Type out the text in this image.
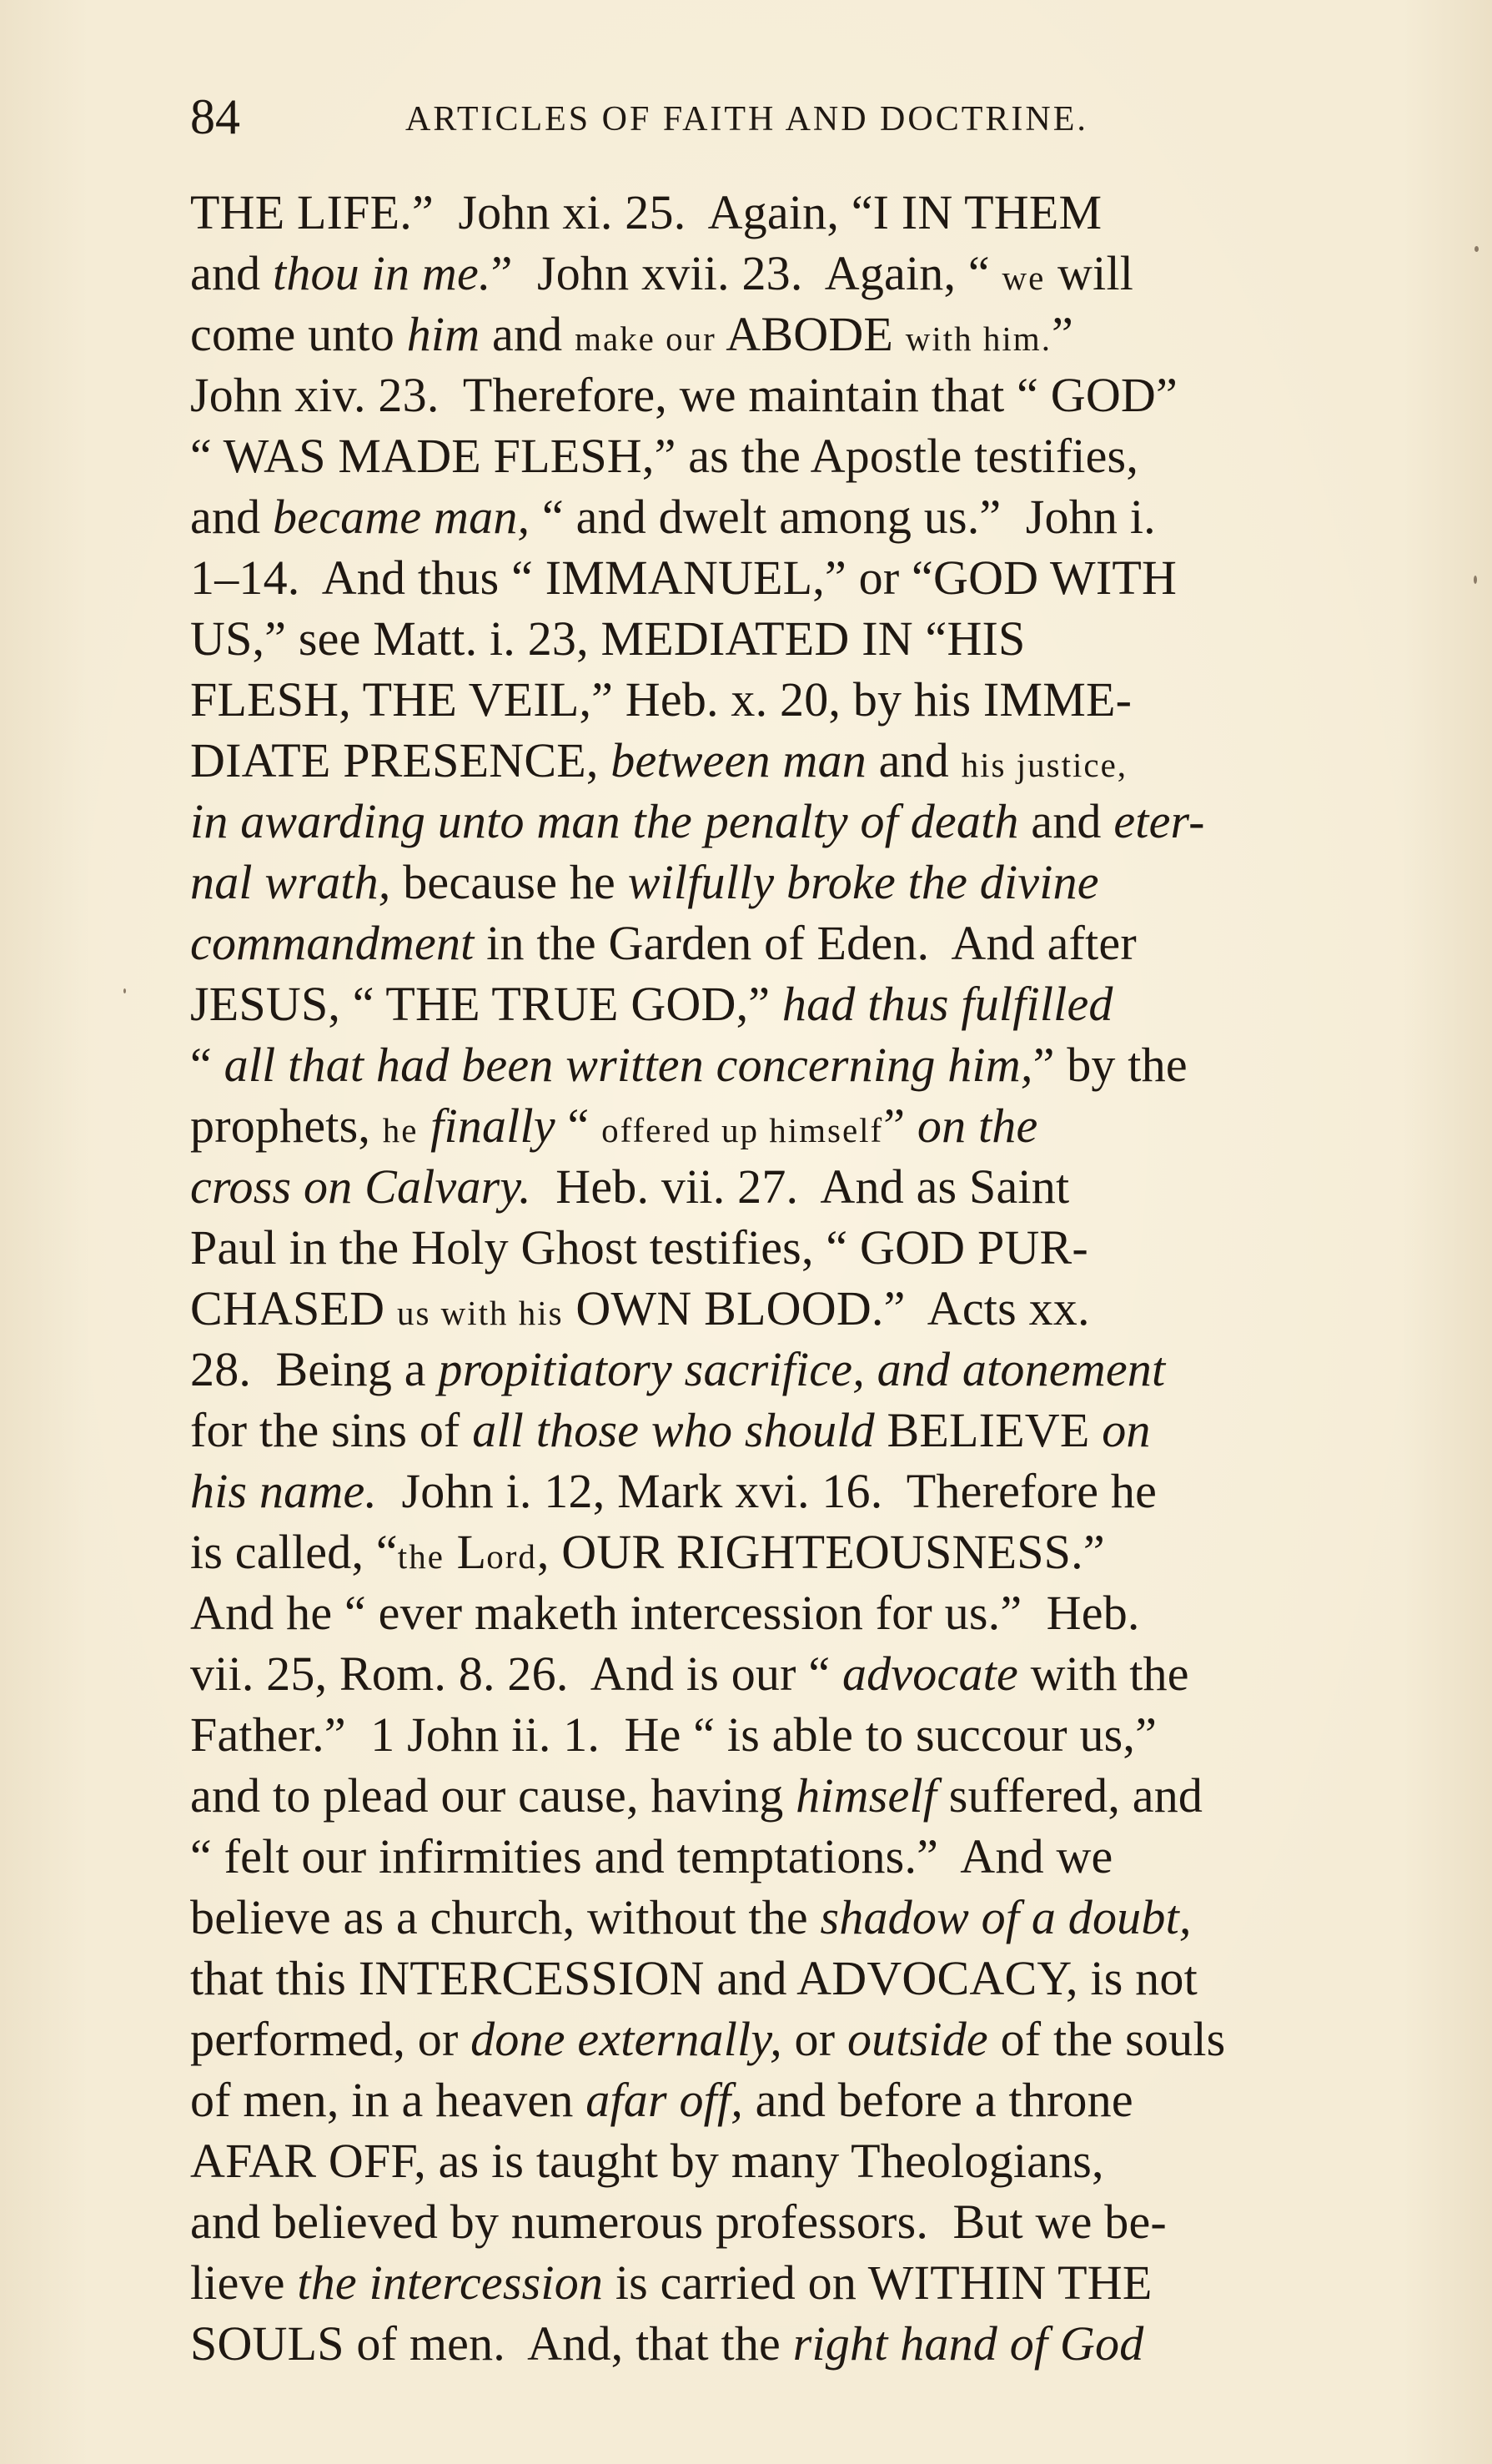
84	ARTICLES OF FAITH AND DOCTRINE.
THE LIFE.”  John xi. 25.  Again, “I IN THEM
and thou in me.”  John xvii. 23.  Again, “ we will
come unto him and make our ABODE with him.”
John xiv. 23.  Therefore, we maintain that “ GOD”
“ WAS MADE FLESH,” as the Apostle testifies,
and became man, “ and dwelt among us.”  John i.
1–14.  And thus “ IMMANUEL,” or “GOD WITH
US,” see Matt. i. 23, MEDIATED IN “HIS
FLESH, THE VEIL,” Heb. x. 20, by his IMME-
DIATE PRESENCE, between man and his justice,
in awarding unto man the penalty of death and eter-
nal wrath, because he wilfully broke the divine
commandment in the Garden of Eden.  And after
JESUS, “ THE TRUE GOD,” had thus fulfilled
“ all that had been written concerning him,” by the
prophets, he finally “ offered up himself” on the
cross on Calvary.  Heb. vii. 27.  And as Saint
Paul in the Holy Ghost testifies, “ GOD PUR-
CHASED us with his OWN BLOOD.”  Acts xx.
28.  Being a propitiatory sacrifice, and atonement
for the sins of all those who should BELIEVE on
his name.  John i. 12, Mark xvi. 16.  Therefore he
is called, “the Lord, OUR RIGHTEOUSNESS.”
And he “ ever maketh intercession for us.”  Heb.
vii. 25, Rom. 8. 26.  And is our “ advocate with the
Father.”  1 John ii. 1.  He “ is able to succour us,”
and to plead our cause, having himself suffered, and
“ felt our infirmities and temptations.”  And we
believe as a church, without the shadow of a doubt,
that this INTERCESSION and ADVOCACY, is not
performed, or done externally, or outside of the souls
of men, in a heaven afar off, and before a throne
AFAR OFF, as is taught by many Theologians,
and believed by numerous professors.  But we be-
lieve the intercession is carried on WITHIN THE
SOULS of men.  And, that the right hand of God
